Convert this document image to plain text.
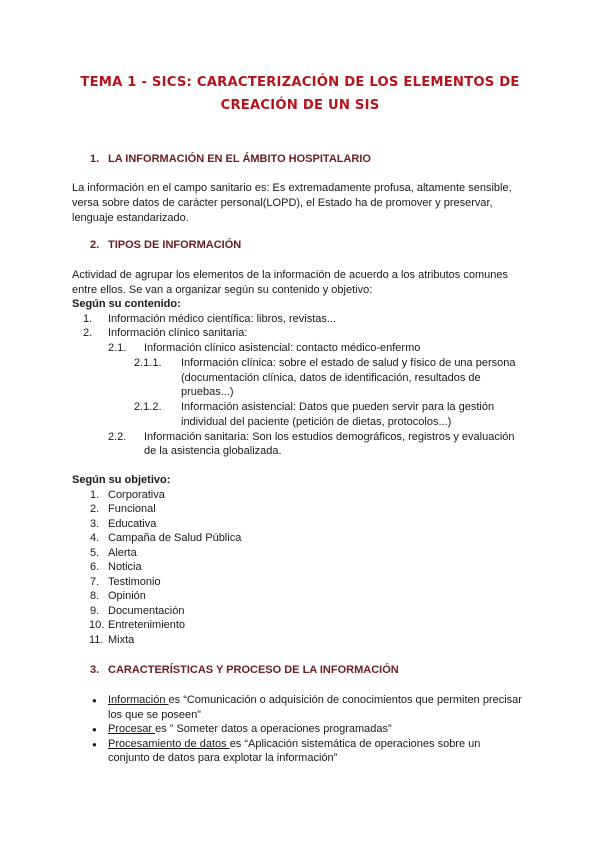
TEMA 1 - SICS: CARACTERIZACIÓN DE LOS ELEMENTOS DE
CREACIÓN DE UN SIS
1. LA INFORMACIÓN EN EL ÁMBITO HOSPITALARIO
La información en el campo sanitario es: Es extremadamente profusa, altamente sensible,
versa sobre datos de carácter personal(LOPD), el Estado ha de promover y preservar,
lenguaje estandarizado.
2. TIPOS DE INFORMACIÓN
Actividad de agrupar los elementos de la información de acuerdo a los atributos comunes
entre ellos. Se van a organizar según su contenido y objetivo:
Según su contenido:
1. Información médico científica: libros, revistas...
2. Información clínico sanitaria:
2.1. Información clínico asistencial: contacto médico-enfermo
2.1.1. Información clínica: sobre el estado de salud y físico de una persona
(documentación clínica, datos de identificación, resultados de
pruebas...)
2.1.2. Información asistencial: Datos que pueden servir para la gestión
individual del paciente (petición de dietas, protocolos...)
2.2. Información sanitaria: Son los estudios demográficos, registros y evaluación
de la asistencia globalizada.
Según su objetivo:
1. Corporativa
2. Funcional
3. Educativa
4. Campaña de Salud Pública
5. Alerta
6. Noticia
7. Testimonio
8. Opinión
9. Documentación
10. Entretenimiento
11. Mixta
3. CARACTERÍSTICAS Y PROCESO DE LA INFORMACIÓN
● Información es “Comunicación o adquisición de conocimientos que permiten precisar
los que se poseen”
● Procesar es ” Someter datos a operaciones programadas”
● Procesamiento de datos es “Aplicación sistemática de operaciones sobre un
conjunto de datos para explotar la información”
